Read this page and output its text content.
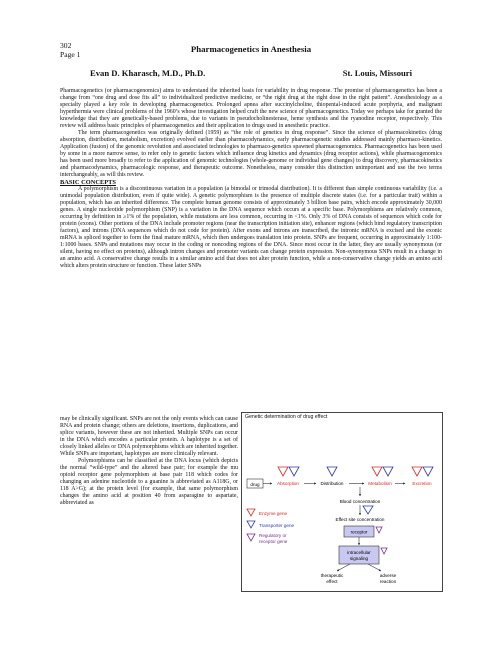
302
Page 1
Pharmacogenetics in Anesthesia
Evan D. Kharasch, M.D., Ph.D.	St. Louis, Missouri

Pharmacogenetics (or pharmacogenomics) aims to understand the inherited basis for variability in drug response. The promise of pharmacogenetics has been a change from “one drug and dose fits all” to individualized predictive medicine, or “the right drug at the right dose in the right patient”. Anesthesiology as a specialty played a key role in developing pharmacogenetics. Prolonged apnea after succinylcholine, thiopental-induced acute porphyria, and malignant hyperthermia were clinical problems of the 1960’s whose investigation helped craft the new science of pharmacogenetics. Today we perhaps take for granted the knowledge that they are genetically-based problems, due to variants in pseudocholinesterase, heme synthesis and the ryanodine receptor, respectively. This review will address basic principles of pharmacogenetics and their application to drugs used in anesthetic practice.

The term pharmacogenetics was originally defined (1959) as “the role of genetics in drug response”. Since the science of pharmacokinetics (drug absorption, distribution, metabolism, excretion) evolved earlier than pharmacodynamics, early pharmacogenetic studies addressed mainly pharmaco-kinetics. Application (fusion) of the genomic revolution and associated technologies to pharmaco-genetics spawned pharmacogenomics. Pharmacogenetics has been used by some in a more narrow sense, to refer only to genetic factors which influence drug kinetics and dynamics (drug receptor actions), while pharmacogenomics has been used more broadly to refer to the application of genomic technologies (whole-genome or individual gene changes) to drug discovery, pharmacokinetics and pharmacodynamics, pharmacologic response, and therapeutic outcome. Nonetheless, many consider this distinction unimportant and use the two terms interchangeably, as will this review.

BASIC CONCEPTS

A polymorphism is a discontinuous variation in a population (a bimodal or trimodal distribution). It is different than simple continuous variability (i.e. a unimodal population distribution, even if quite wide). A genetic polymorphism is the presence of multiple discrete states (i.e. for a particular trait) within a population, which has an inherited difference. The complete human genome consists of approximately 3 billion base pairs, which encode approximately 30,000 genes. A single nucleotide polymorphism (SNP) is a variation in the DNA sequence which occurs at a specific base. Polymorphisms are relatively common, occurring by definition in ≥1% of the population, while mutations are less common, occurring in <1%. Only 3% of DNA consists of sequences which code for protein (exons). Other portions of the DNA include promoter regions (near the transcription initiation site), enhancer regions (which bind regulatory transcription factors), and introns (DNA sequences which do not code for protein). After exons and introns are transcribed, the intronic mRNA is excised and the exonic mRNA is spliced together to form the final mature mRNA, which then undergoes translation into protein. SNPs are frequent, occurring in approximately 1:100-1:1000 bases. SNPs and mutations may occur in the coding or noncoding regions of the DNA. Since most occur in the latter, they are usually synonymous (or silent, having no effect on proteins), although intron changes and promoter variants can change protein expression. Non-synonymous SNPs result in a change in an amino acid. A conservative change results in a similar amino acid that does not alter protein function, while a non-conservative change yields an amino acid which alters protein structure or function. These latter SNPs

may be clinically significant. SNPs are not the only events which can cause RNA and protein change; others are deletions, insertions, duplications, and splice variants, however these are not inherited. Multiple SNPs can occur in the DNA which encodes a particular protein. A haplotype is a set of closely linked alleles or DNA polymorphisms which are inherited together. While SNPs are important, haplotypes are more clinically relevant.

Polymorphisms can be classified at the DNA locus (which depicts the normal “wild-type” and the altered base pair; for example the mu opioid receptor gene polymorphism at base pair 118 which codes for changing an adenine nucleotide to a guanine is abbreviated as A118G, or 118 A>G); at the protein level (for example, that same polymorphism changes the amino acid at position 40 from asparagine to aspartate, abbreviated as

Genetic determination of drug effect
drug	Absorption	Distribution	Metabolism	Excretion
Blood concentration
Effect site concentration
receptor
intracellular
signaling
therapeutic
effect
adverse
reaction
Enzyme gene
Transporter gene
Regulatory or
receptor gene
